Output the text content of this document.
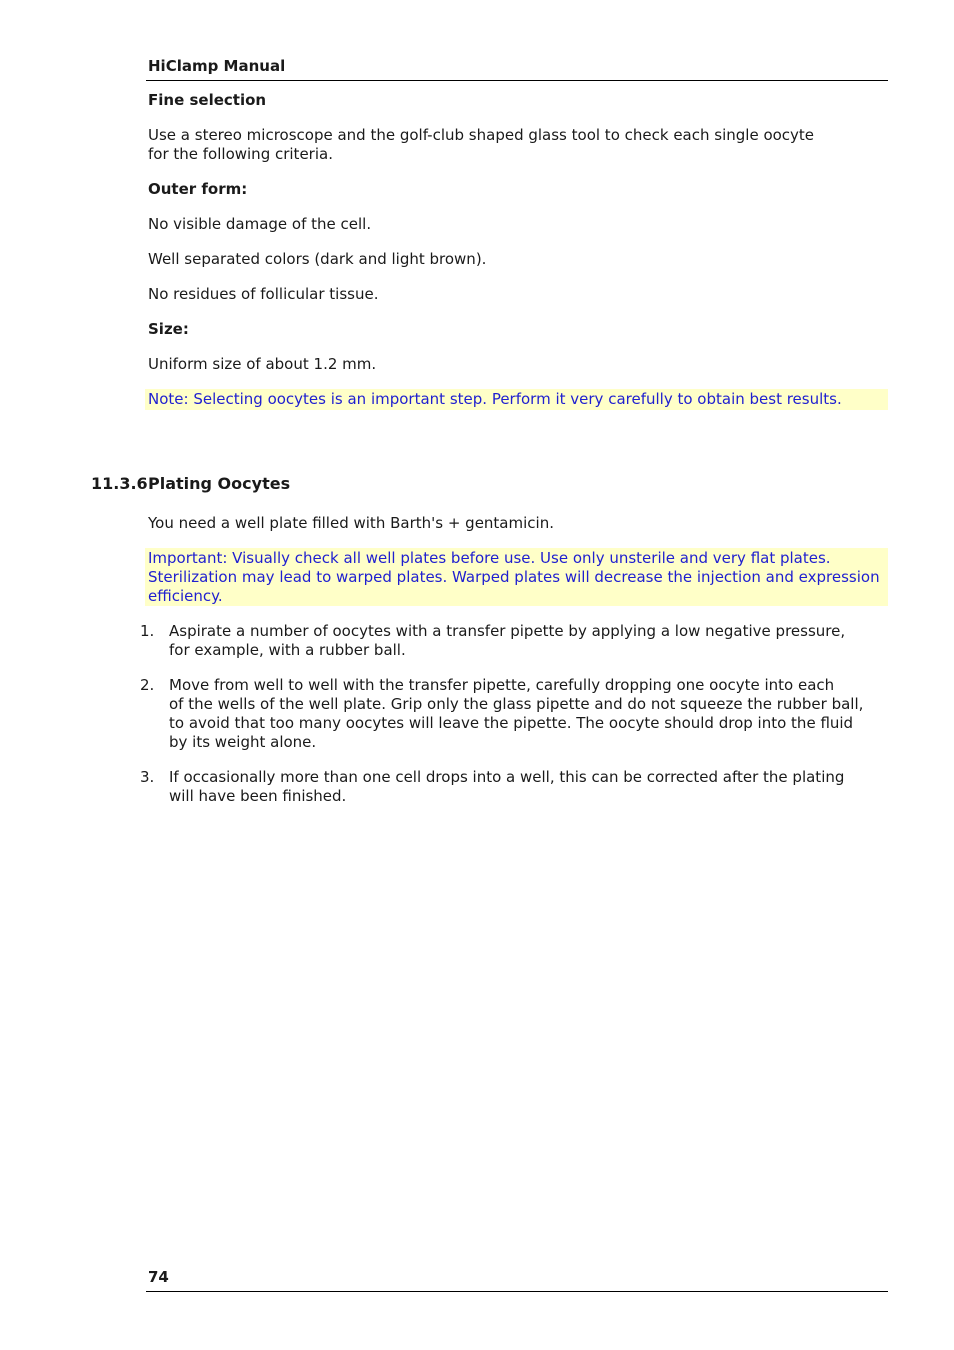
HiClamp Manual
Fine selection
Use a stereo microscope and the golf-club shaped glass tool to check each single oocyte
for the following criteria.
Outer form:
No visible damage of the cell.
Well separated colors (dark and light brown).
No residues of follicular tissue.
Size:
Uniform size of about 1.2 mm.
Note: Selecting oocytes is an important step. Perform it very carefully to obtain best results.
11.3.6 Plating Oocytes
You need a well plate filled with Barth's + gentamicin.
Important: Visually check all well plates before use. Use only unsterile and very flat plates.
Sterilization may lead to warped plates. Warped plates will decrease the injection and expression
efficiency.
1. Aspirate a number of oocytes with a transfer pipette by applying a low negative pressure,
for example, with a rubber ball.
2. Move from well to well with the transfer pipette, carefully dropping one oocyte into each
of the wells of the well plate. Grip only the glass pipette and do not squeeze the rubber ball,
to avoid that too many oocytes will leave the pipette. The oocyte should drop into the fluid
by its weight alone.
3. If occasionally more than one cell drops into a well, this can be corrected after the plating
will have been finished.
74
